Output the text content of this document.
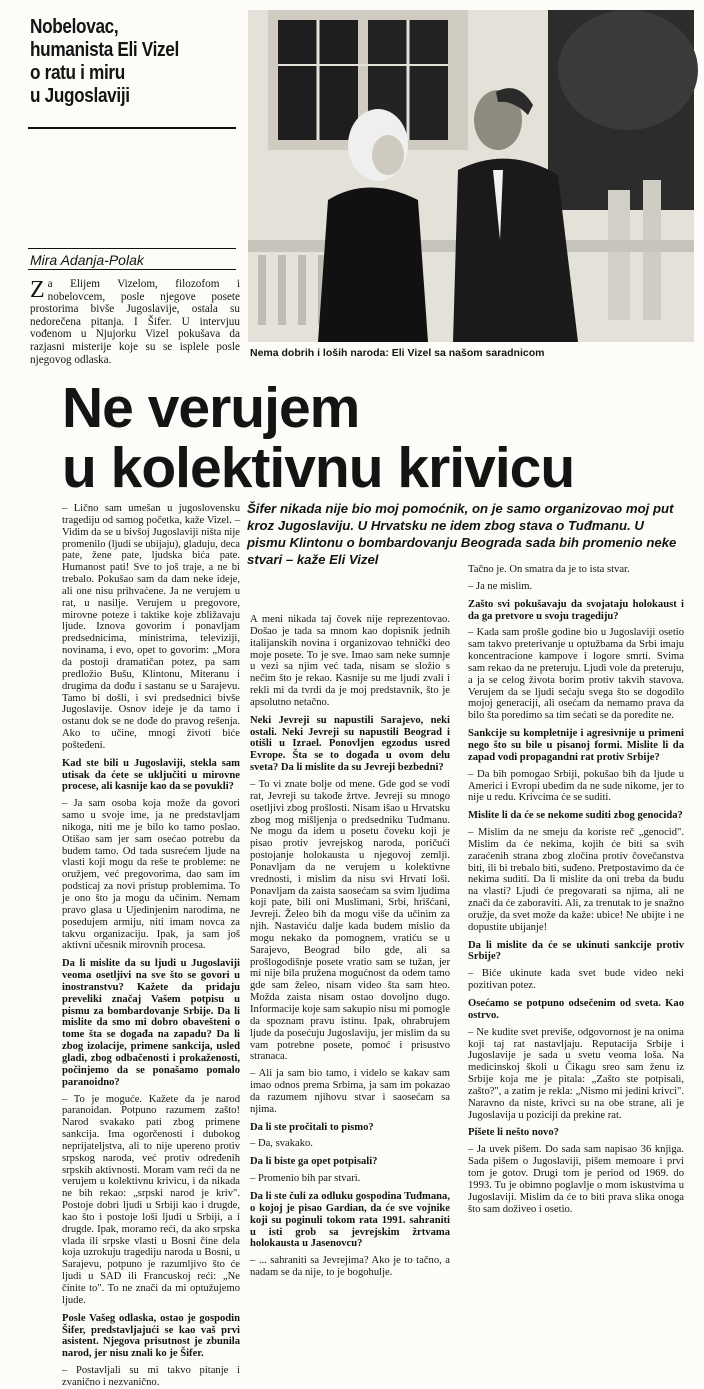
Nobelovac,
humanista Eli Vizel
o ratu i miru
u Jugoslaviji
Mira Adanja-Polak
Za Elijem Vizelom, filozofom i nobelovcem, posle njegove posete prostorima bivše Jugoslavije, ostala su nedorečena pitanja. I Šifer. U intervjuu vođenom u Njujorku Vizel pokušava da razjasni misterije koje su se isplele posle njegovog odlaska.
Nema dobrih i loših naroda: Eli Vizel sa našom saradnicom
Ne verujem
u kolektivnu krivicu
Šifer nikada nije bio moj pomoćnik, on je samo organizovao moj put kroz Jugoslaviju. U Hrvatsku ne idem zbog stava o Tuđmanu. U pismu Klintonu o bombardovanju Beograda sada bih promenio neke stvari – kaže Eli Vizel

– Lično sam umešan u jugoslovensku tragediju od samog početka, kaže Vizel. – Vidim da se u bivšoj Jugoslaviji ništa nije promenilo (ljudi se ubijaju), gladuju, deca pate, žene pate, ljudska bića pate. Humanost pati! Sve to još traje, a ne bi trebalo. Pokušao sam da dam neke ideje, ali one nisu prihvaćene. Ja ne verujem u rat, u nasilje. Verujem u pregovore, mirovne poteze i taktike koje zbližavaju ljude. Iznova govorim i ponavljam predsednicima, ministrima, televiziji, novinama, i evo, opet to govorim: „Mora da postoji dramatičan potez, pa sam predložio Bušu, Klintonu, Miteranu i drugima da dođu i sastanu se u Sarajevu. Tamo bi došli, i svi predsednici bivše Jugoslavije. Osnov ideje je da tamo i ostanu dok se ne dođe do pravog rešenja. Ako to učine, mnogi životi biće pošteđeni.

Kad ste bili u Jugoslaviji, stekla sam utisak da ćete se uključiti u mirovne procese, ali kasnije kao da se povukli?

– Ja sam osoba koja može da govori samo u svoje ime, ja ne predstavljam nikoga, niti me je bilo ko tamo poslao. Otišao sam jer sam osećao potrebu da budem tamo. Od tada susrećem ljude na vlasti koji mogu da reše te probleme: ne oružjem, već pregovorima, dao sam im podsticaj za novi pristup problemima. To je ono što ja mogu da učinim. Nemam pravo glasa u Ujedinjenim narodima, ne posedujem armiju, niti imam novca za takvu organizaciju. Ipak, ja sam još aktivni učesnik mirovnih procesa.

Da li mislite da su ljudi u Jugoslaviji veoma osetljivi na sve što se govori u inostranstvu? Kažete da pridaju preveliki značaj Vašem potpisu u pismu za bombardovanje Srbije. Da li mislite da smo mi dobro obavešteni o tome šta se događa na zapadu? Da li zbog izolacije, primene sankcija, usled gladi, zbog odbačenosti i prokaženosti, počinjemo da se ponašamo pomalo paranoidno?

– To je moguće. Kažete da je narod paranoidan. Potpuno razumem zašto! Narod svakako pati zbog primene sankcija. Ima ogorčenosti i dubokog neprijateljstva, ali to nije upereno protiv srpskog naroda, već protiv određenih srpskih aktivnosti. Moram vam reći da ne verujem u kolektivnu krivicu, i da nikada ne bih rekao: „srpski narod je kriv". Postoje dobri ljudi u Srbiji kao i drugde, kao što i postoje loši ljudi u Srbiji, a i drugde. Ipak, moramo reći, da ako srpska vlada ili srpske vlasti u Bosni čine dela koja uzrokuju tragediju naroda u Bosni, u Sarajevu, potpuno je razumljivo što će ljudi u SAD ili Francuskoj reći: „Ne činite to". To ne znači da mi optužujemo ljude.

Posle Vašeg odlaska, ostao je gospodin Šifer, predstavljajući se kao vaš prvi asistent. Njegova prisutnost je zbunila narod, jer nisu znali ko je Šifer.

– Postavljali su mi takvo pitanje i zvanično i nezvanično.

A meni nikada taj čovek nije reprezentovao. Došao je tada sa mnom kao dopisnik jednih italijanskih novina i organizovao tehnički deo moje posete. To je sve. Imao sam neke sumnje u vezi sa njim već tada, nisam se složio s nečim što je rekao. Kasnije su me ljudi zvali i rekli mi da tvrdi da je moj predstavnik, što je apsolutno netačno.

Neki Jevreji su napustili Sarajevo, neki ostali. Neki Jevreji su napustili Beograd i otišli u Izrael. Ponovljen egzodus usred Evrope. Šta se to događa u ovom delu sveta? Da li mislite da su Jevreji bezbedni?

– To vi znate bolje od mene. Gde god se vodi rat, Jevreji su takođe žrtve. Jevreji su mnogo osetljivi zbog prošlosti. Nisam išao u Hrvatsku zbog mog mišljenja o predsedniku Tuđmanu. Ne mogu da idem u posetu čoveku koji je pisao protiv jevrejskog naroda, poričući postojanje holokausta u njegovoj zemlji. Ponavljam da ne verujem u kolektivne vrednosti, i mislim da nisu svi Hrvati loši. Ponavljam da zaista saosećam sa svim ljudima koji pate, bili oni Muslimani, Srbi, hrišćani, Jevreji. Želeo bih da mogu više da učinim za njih. Nastaviću dalje kada budem mislio da mogu nekako da pomognem, vratiću se u Sarajevo, Beograd bilo gde, ali sa prošlogodišnje posete vratio sam se tužan, jer mi nije bila pružena mogućnost da odem tamo gde sam želeo, nisam video šta sam hteo. Možda zaista nisam ostao dovoljno dugo. Informacije koje sam sakupio nisu mi pomogle da spoznam pravu istinu. Ipak, ohrabrujem ljude da posećuju Jugoslaviju, jer mislim da su vam potrebne posete, pomoć i prisustvo stranaca.

– Ali ja sam bio tamo, i videlo se kakav sam imao odnos prema Srbima, ja sam im pokazao da razumem njihovu stvar i saosećam sa njima.

Da li ste pročitali to pismo?

– Da, svakako.

Da li biste ga opet potpisali?

– Promenio bih par stvari.

Da li ste čuli za odluku gospodina Tuđmana, o kojoj je pisao Gardian, da će sve vojnike koji su poginuli tokom rata 1991. sahraniti u isti grob sa jevrejskim žrtvama holokausta u Jasenovcu?

– ... sahraniti sa Jevrejima? Ako je to tačno, a nadam se da nije, to je bogohulje.

Tačno je. On smatra da je to ista stvar.

– Ja ne mislim.

Zašto svi pokušavaju da svojataju holokaust i da ga pretvore u svoju tragediju?

– Kada sam prošle godine bio u Jugoslaviji osetio sam takvo preterivanje u optužbama da Srbi imaju koncentracione kampove i logore smrti. Svima sam rekao da ne preteruju. Ljudi vole da preteruju, a ja se celog života borim protiv takvih stavova. Verujem da se ljudi sećaju svega što se dogodilo mojoj generaciji, ali osećam da nemamo prava da bilo šta poredimo sa tim sećati se da poredite ne.

Sankcije su kompletnije i agresivnije u primeni nego što su bile u pisanoj formi. Mislite li da zapad vodi propagandni rat protiv Srbije?

– Da bih pomogao Srbiji, pokušao bih da ljude u Americi i Evropi ubedim da ne sude nikome, jer to nije u redu. Krivcima će se suditi.

Mislite li da će se nekome suditi zbog genocida?

– Mislim da ne smeju da koriste reč „genocid". Mislim da će nekima, kojih će biti sa svih zaraćenih strana zbog zločina protiv čovečanstva biti, ili bi trebalo biti, suđeno. Pretpostavimo da će nekima suditi. Da li mislite da oni treba da budu na vlasti? Ljudi će pregovarati sa njima, ali ne znači da će zaboraviti. Ali, za trenutak to je snažno oružje, da svet može da kaže: ubice! Ne ubijte i ne dopustite ubijanje!

Da li mislite da će se ukinuti sankcije protiv Srbije?

– Biće ukinute kada svet bude video neki pozitivan potez.

Osećamo se potpuno odsečenim od sveta. Kao ostrvo.

– Ne kudite svet previše, odgovornost je na onima koji taj rat nastavljaju. Reputacija Srbije i Jugoslavije je sada u svetu veoma loša. Na medicinskoj školi u Čikagu sreo sam ženu iz Srbije koja me je pitala: „Zašto ste potpisali, zašto?", a zatim je rekla: „Nismo mi jedini krivci". Naravno da niste, krivci su na obe strane, ali je Jugoslavija u poziciji da prekine rat.

Pišete li nešto novo?

– Ja uvek pišem. Do sada sam napisao 36 knjiga. Sada pišem o Jugoslaviji, pišem memoare i prvi tom je gotov. Drugi tom je period od 1969. do 1993. Tu je obimno poglavlje o mom iskustvima u Jugoslaviji. Mislim da će to biti prava slika onoga što sam doživeo i osetio.
